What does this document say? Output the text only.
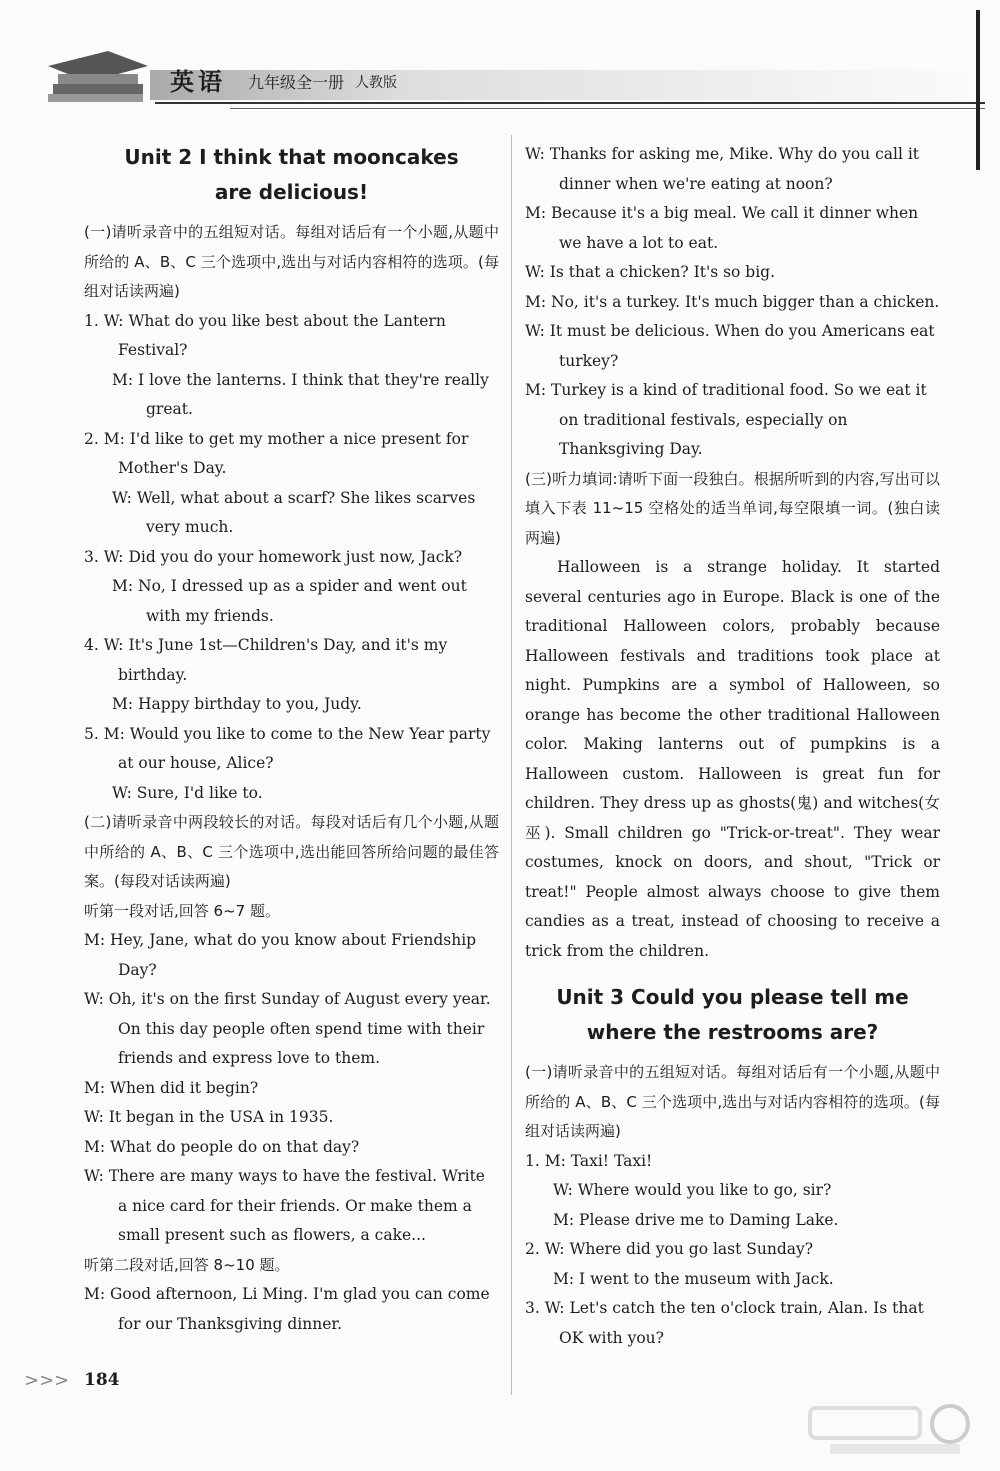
英语 九年级全一册 人教版
Unit 2 I think that mooncakes
are delicious!
(一)请听录音中的五组短对话。每组对话后有一个小题,从题中所给的 A、B、C 三个选项中,选出与对话内容相符的选项。(每组对话读两遍)
1. W: What do you like best about the Lantern Festival?
M: I love the lanterns. I think that they're really great.
2. M: I'd like to get my mother a nice present for Mother's Day.
W: Well, what about a scarf? She likes scarves very much.
3. W: Did you do your homework just now, Jack?
M: No, I dressed up as a spider and went out with my friends.
4. W: It's June 1st—Children's Day, and it's my birthday.
M: Happy birthday to you, Judy.
5. M: Would you like to come to the New Year party at our house, Alice?
W: Sure, I'd like to.
(二)请听录音中两段较长的对话。每段对话后有几个小题,从题中所给的 A、B、C 三个选项中,选出能回答所给问题的最佳答案。(每段对话读两遍)
听第一段对话,回答 6~7 题。
M: Hey, Jane, what do you know about Friendship Day?
W: Oh, it's on the first Sunday of August every year. On this day people often spend time with their friends and express love to them.
M: When did it begin?
W: It began in the USA in 1935.
M: What do people do on that day?
W: There are many ways to have the festival. Write a nice card for their friends. Or make them a small present such as flowers, a cake...
听第二段对话,回答 8~10 题。
M: Good afternoon, Li Ming. I'm glad you can come for our Thanksgiving dinner.
W: Thanks for asking me, Mike. Why do you call it dinner when we're eating at noon?
M: Because it's a big meal. We call it dinner when we have a lot to eat.
W: Is that a chicken? It's so big.
M: No, it's a turkey. It's much bigger than a chicken.
W: It must be delicious. When do you Americans eat turkey?
M: Turkey is a kind of traditional food. So we eat it on traditional festivals, especially on Thanksgiving Day.
(三)听力填词:请听下面一段独白。根据所听到的内容,写出可以填入下表 11~15 空格处的适当单词,每空限填一词。(独白读两遍)
Halloween is a strange holiday. It started several centuries ago in Europe. Black is one of the traditional Halloween colors, probably because Halloween festivals and traditions took place at night. Pumpkins are a symbol of Halloween, so orange has become the other traditional Halloween color. Making lanterns out of pumpkins is a Halloween custom. Halloween is great fun for children. They dress up as ghosts(鬼) and witches(女巫). Small children go "Trick-or-treat". They wear costumes, knock on doors, and shout, "Trick or treat!" People almost always choose to give them candies as a treat, instead of choosing to receive a trick from the children.
Unit 3 Could you please tell me
where the restrooms are?
(一)请听录音中的五组短对话。每组对话后有一个小题,从题中所给的 A、B、C 三个选项中,选出与对话内容相符的选项。(每组对话读两遍)
1. M: Taxi! Taxi!
W: Where would you like to go, sir?
M: Please drive me to Daming Lake.
2. W: Where did you go last Sunday?
M: I went to the museum with Jack.
3. W: Let's catch the ten o'clock train, Alan. Is that OK with you?
>>> 184
